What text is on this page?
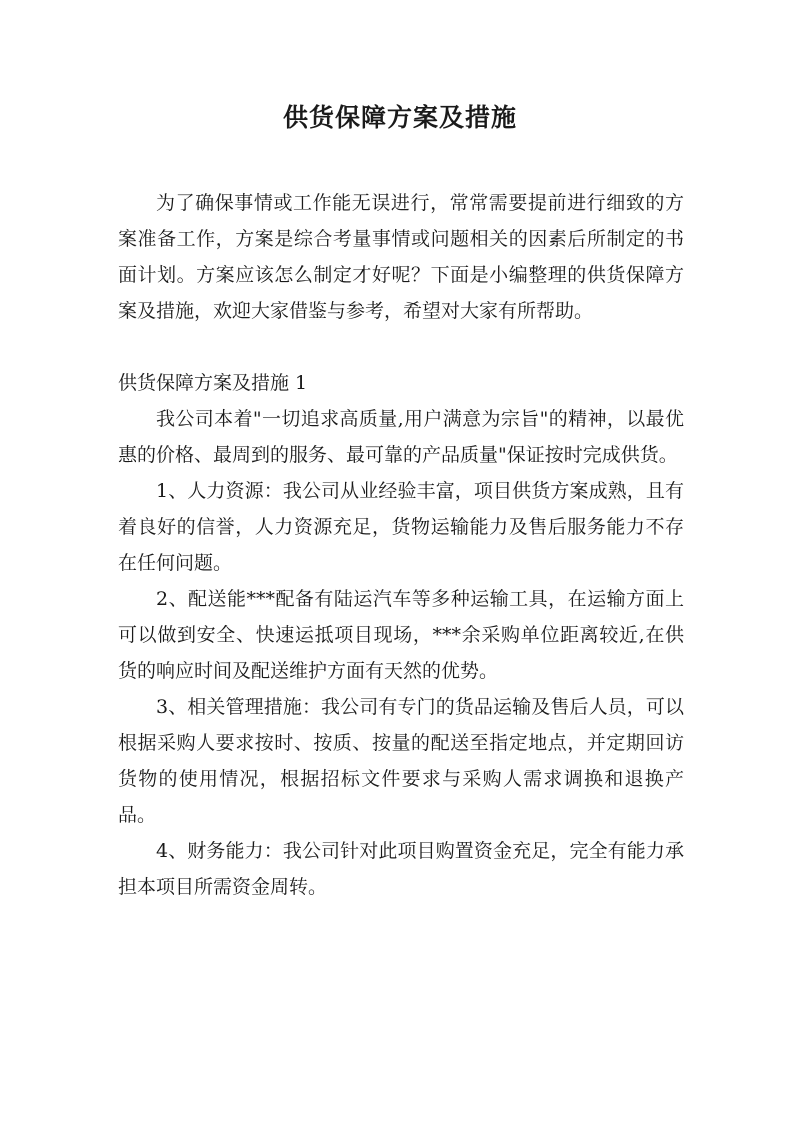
供货保障方案及措施

为了确保事情或工作能无误进行，常常需要提前进行细致的方案准备工作，方案是综合考量事情或问题相关的因素后所制定的书面计划。方案应该怎么制定才好呢？下面是小编整理的供货保障方案及措施，欢迎大家借鉴与参考，希望对大家有所帮助。

供货保障方案及措施 1

我公司本着"一切追求高质量,用户满意为宗旨"的精神，以最优惠的价格、最周到的服务、最可靠的产品质量"保证按时完成供货。

1、人力资源：我公司从业经验丰富，项目供货方案成熟，且有着良好的信誉，人力资源充足，货物运输能力及售后服务能力不存在任何问题。

2、配送能***配备有陆运汽车等多种运输工具，在运输方面上可以做到安全、快速运抵项目现场，***余采购单位距离较近,在供货的响应时间及配送维护方面有天然的优势。

3、相关管理措施：我公司有专门的货品运输及售后人员，可以根据采购人要求按时、按质、按量的配送至指定地点，并定期回访货物的使用情况，根据招标文件要求与采购人需求调换和退换产品。

4、财务能力：我公司针对此项目购置资金充足，完全有能力承担本项目所需资金周转。
